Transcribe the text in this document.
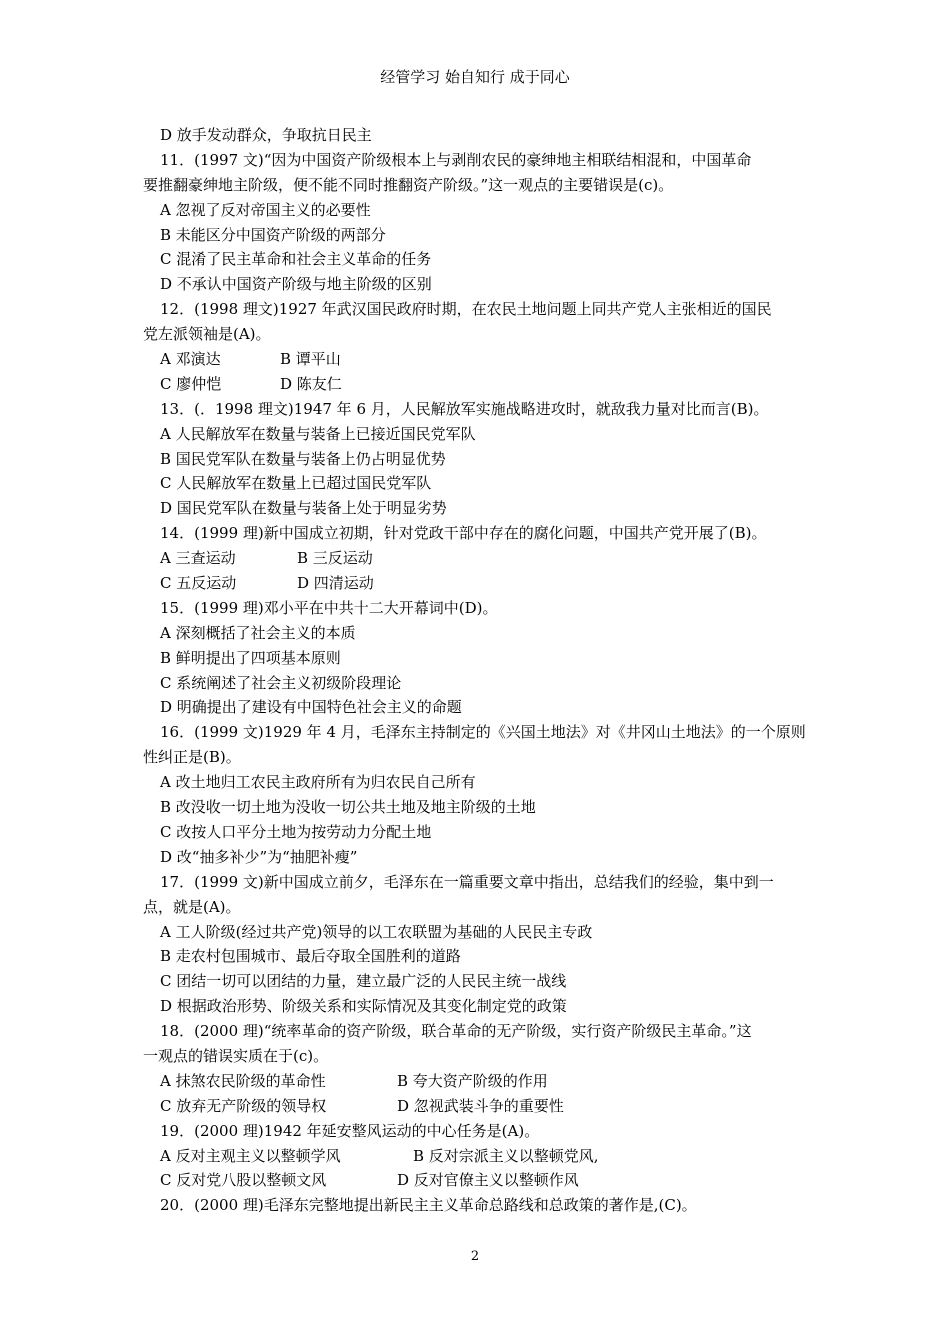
经管学习 始自知行 成于同心
D 放手发动群众，争取抗日民主
11．(1997 文)“因为中国资产阶级根本上与剥削农民的豪绅地主相联结相混和，中国革命
要推翻豪绅地主阶级，便不能不同时推翻资产阶级。”这一观点的主要错误是(c)。
A 忽视了反对帝国主义的必要性
B 未能区分中国资产阶级的两部分
C 混淆了民主革命和社会主义革命的任务
D 不承认中国资产阶级与地主阶级的区别
12．(1998 理文)1927 年武汉国民政府时期，在农民土地问题上同共产党人主张相近的国民
党左派领袖是(A)。
A 邓演达	B 谭平山
C 廖仲恺	D 陈友仁
13．(．1998 理文)1947 年 6 月，人民解放军实施战略进攻时，就敌我力量对比而言(B)。
A 人民解放军在数量与装备上已接近国民党军队
B 国民党军队在数量与装备上仍占明显优势
C 人民解放军在数量上已超过国民党军队
D 国民党军队在数量与装备上处于明显劣势
14．(1999 理)新中国成立初期，针对党政干部中存在的腐化问题，中国共产党开展了(B)。
A 三查运动	B 三反运动
C 五反运动	D 四清运动
15．(1999 理)邓小平在中共十二大开幕词中(D)。
A 深刻概括了社会主义的本质
B 鲜明提出了四项基本原则
C 系统阐述了社会主义初级阶段理论
D 明确提出了建设有中国特色社会主义的命题
16．(1999 文)1929 年 4 月，毛泽东主持制定的《兴国土地法》对《井冈山土地法》的一个原则
性纠正是(B)。
A 改土地归工农民主政府所有为归农民自己所有
B 改没收一切土地为没收一切公共土地及地主阶级的土地
C 改按人口平分土地为按劳动力分配土地
D 改“抽多补少”为“抽肥补瘦”
17．(1999 文)新中国成立前夕，毛泽东在一篇重要文章中指出，总结我们的经验，集中到一
点，就是(A)。
A 工人阶级(经过共产党)领导的以工农联盟为基础的人民民主专政
B 走农村包围城市、最后夺取全国胜利的道路
C 团结一切可以团结的力量，建立最广泛的人民民主统一战线
D 根据政治形势、阶级关系和实际情况及其变化制定党的政策
18．(2000 理)“统率革命的资产阶级，联合革命的无产阶级，实行资产阶级民主革命。”这
一观点的错误实质在于(c)。
A 抹煞农民阶级的革命性	B 夸大资产阶级的作用
C 放弃无产阶级的领导权	D 忽视武装斗争的重要性
19．(2000 理)1942 年延安整风运动的中心任务是(A)。
A 反对主观主义以整顿学风	B 反对宗派主义以整顿党风,
C 反对党八股以整顿文风	D 反对官僚主义以整顿作风
20．(2000 理)毛泽东完整地提出新民主主义革命总路线和总政策的著作是,(C)。
2
